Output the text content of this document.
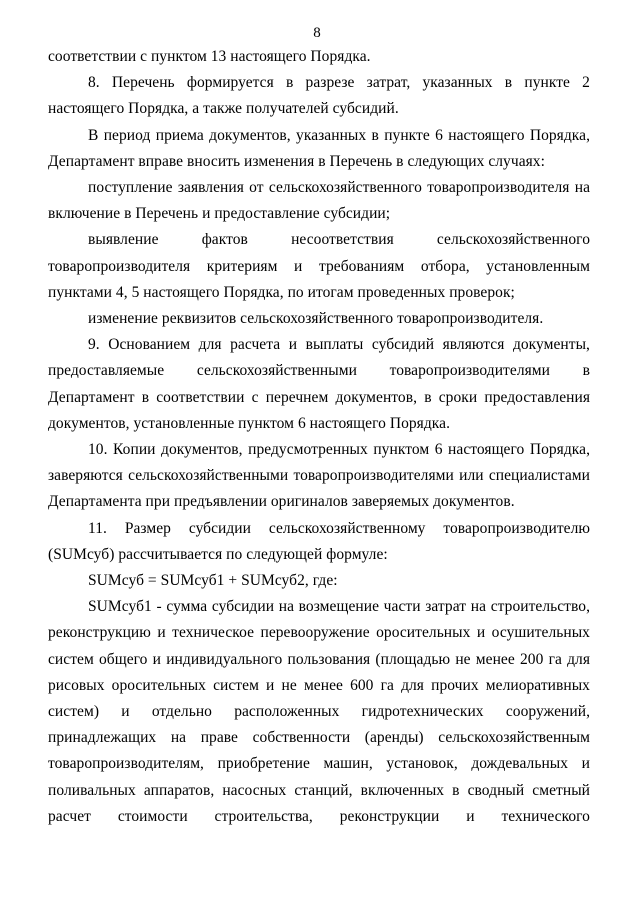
8

соответствии с пунктом 13 настоящего Порядка.

8. Перечень формируется в разрезе затрат, указанных в пункте 2 настоящего Порядка, а также получателей субсидий.

В период приема документов, указанных в пункте 6 настоящего Порядка, Департамент вправе вносить изменения в Перечень в следующих случаях:

поступление заявления от сельскохозяйственного товаропроизводителя на включение в Перечень и предоставление субсидии;

выявление фактов несоответствия сельскохозяйственного товаропроизводителя критериям и требованиям отбора, установленным пунктами 4, 5 настоящего Порядка, по итогам проведенных проверок;

изменение реквизитов сельскохозяйственного товаропроизводителя.

9. Основанием для расчета и выплаты субсидий являются документы, предоставляемые сельскохозяйственными товаропроизводителями в Департамент в соответствии с перечнем документов, в сроки предоставления документов, установленные пунктом 6 настоящего Порядка.

10. Копии документов, предусмотренных пунктом 6 настоящего Порядка, заверяются сельскохозяйственными товаропроизводителями или специалистами Департамента при предъявлении оригиналов заверяемых документов.

11. Размер субсидии сельскохозяйственному товаропроизводителю (SUMсуб) рассчитывается по следующей формуле:

SUMсуб = SUMсуб1 + SUMсуб2, где:

SUMсуб1 - сумма субсидии на возмещение части затрат на строительство, реконструкцию и техническое перевооружение оросительных и осушительных систем общего и индивидуального пользования (площадью не менее 200 га для рисовых оросительных систем и не менее 600 га для прочих мелиоративных систем) и отдельно расположенных гидротехнических сооружений, принадлежащих на праве собственности (аренды) сельскохозяйственным товаропроизводителям, приобретение машин, установок, дождевальных и поливальных аппаратов, насосных станций, включенных в сводный сметный расчет стоимости строительства, реконструкции и технического
